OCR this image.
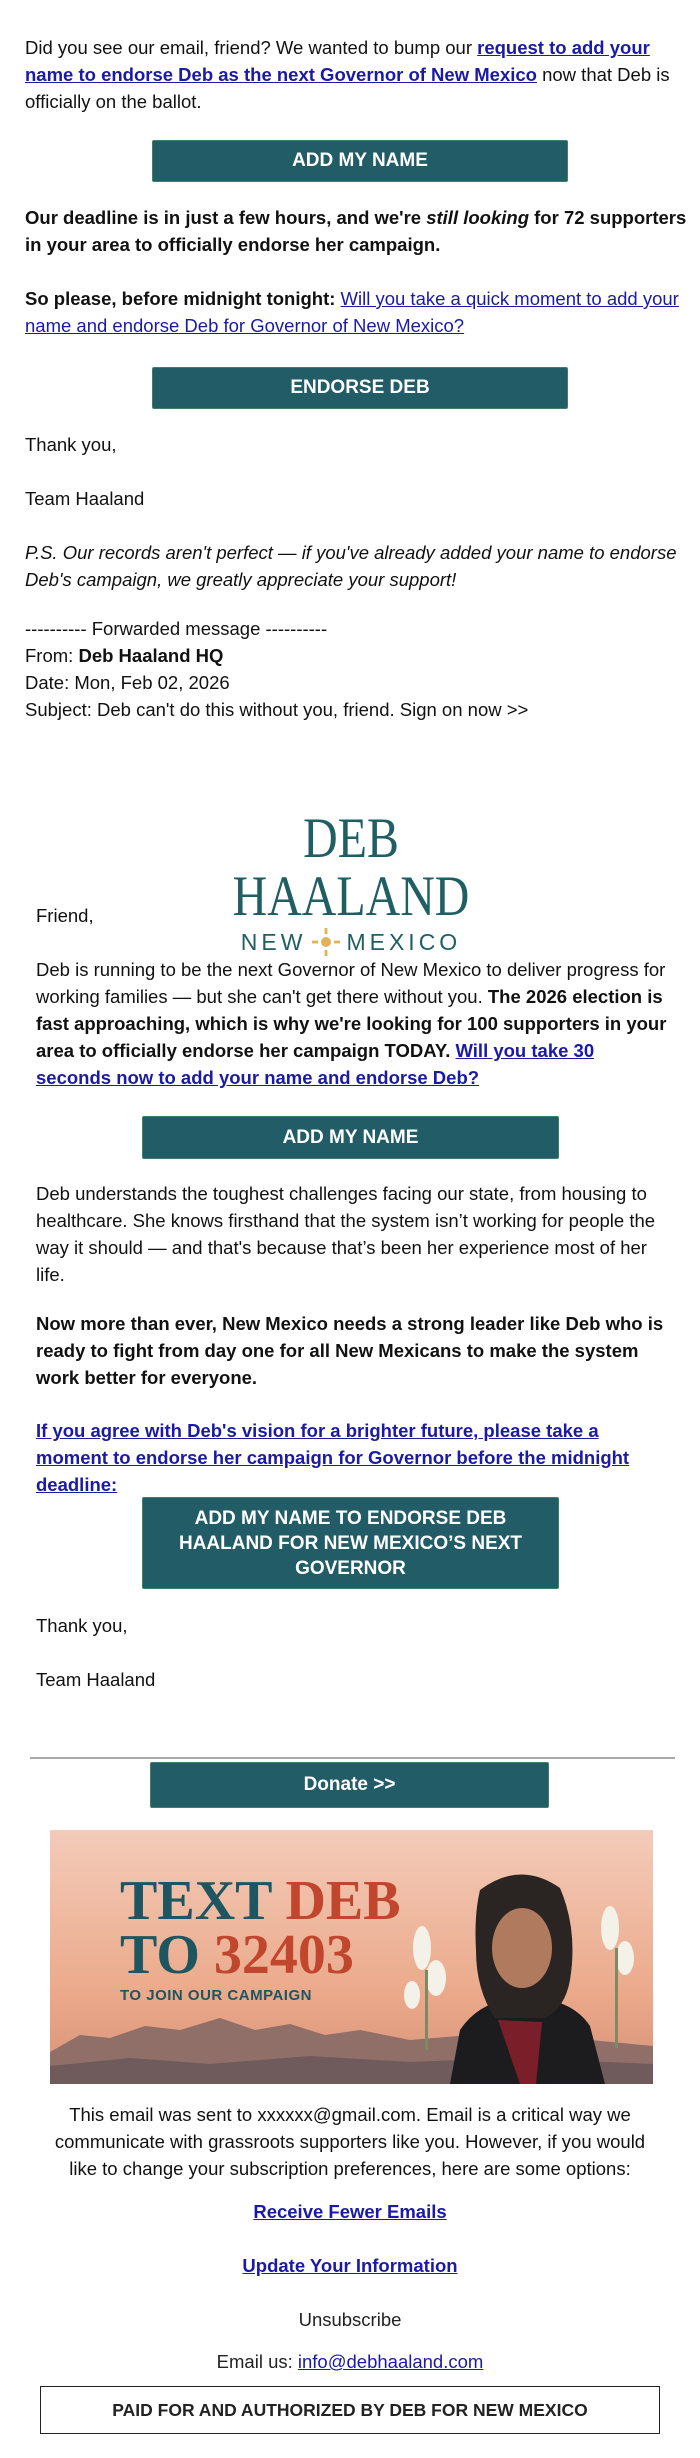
Did you see our email, friend? We wanted to bump our request to add your name to endorse Deb as the next Governor of New Mexico now that Deb is officially on the ballot.

ADD MY NAME

Our deadline is in just a few hours, and we're still looking for 72 supporters in your area to officially endorse her campaign.

So please, before midnight tonight: Will you take a quick moment to add your name and endorse Deb for Governor of New Mexico?

ENDORSE DEB

Thank you,

Team Haaland

P.S. Our records aren't perfect — if you've already added your name to endorse Deb's campaign, we greatly appreciate your support!

---------- Forwarded message ----------
From: Deb Haaland HQ
Date: Mon, Feb 02, 2026
Subject: Deb can't do this without you, friend. Sign on now >>
DEB HAALAND
NEW MEXICO

Friend,

Deb is running to be the next Governor of New Mexico to deliver progress for working families — but she can't get there without you. The 2026 election is fast approaching, which is why we're looking for 100 supporters in your area to officially endorse her campaign TODAY. Will you take 30 seconds now to add your name and endorse Deb?

ADD MY NAME

Deb understands the toughest challenges facing our state, from housing to healthcare. She knows firsthand that the system isn’t working for people the way it should — and that's because that’s been her experience most of her life.

Now more than ever, New Mexico needs a strong leader like Deb who is ready to fight from day one for all New Mexicans to make the system work better for everyone.

If you agree with Deb's vision for a brighter future, please take a moment to endorse her campaign for Governor before the midnight deadline:

ADD MY NAME TO ENDORSE DEB HAALAND FOR NEW MEXICO’S NEXT GOVERNOR

Thank you,

Team Haaland

Donate >>
TEXT DEB
TO 32403
TO JOIN OUR CAMPAIGN

This email was sent to xxxxxx@gmail.com. Email is a critical way we communicate with grassroots supporters like you. However, if you would like to change your subscription preferences, here are some options:

Receive Fewer Emails

Update Your Information

Unsubscribe

Email us: info@debhaaland.com

PAID FOR AND AUTHORIZED BY DEB FOR NEW MEXICO
